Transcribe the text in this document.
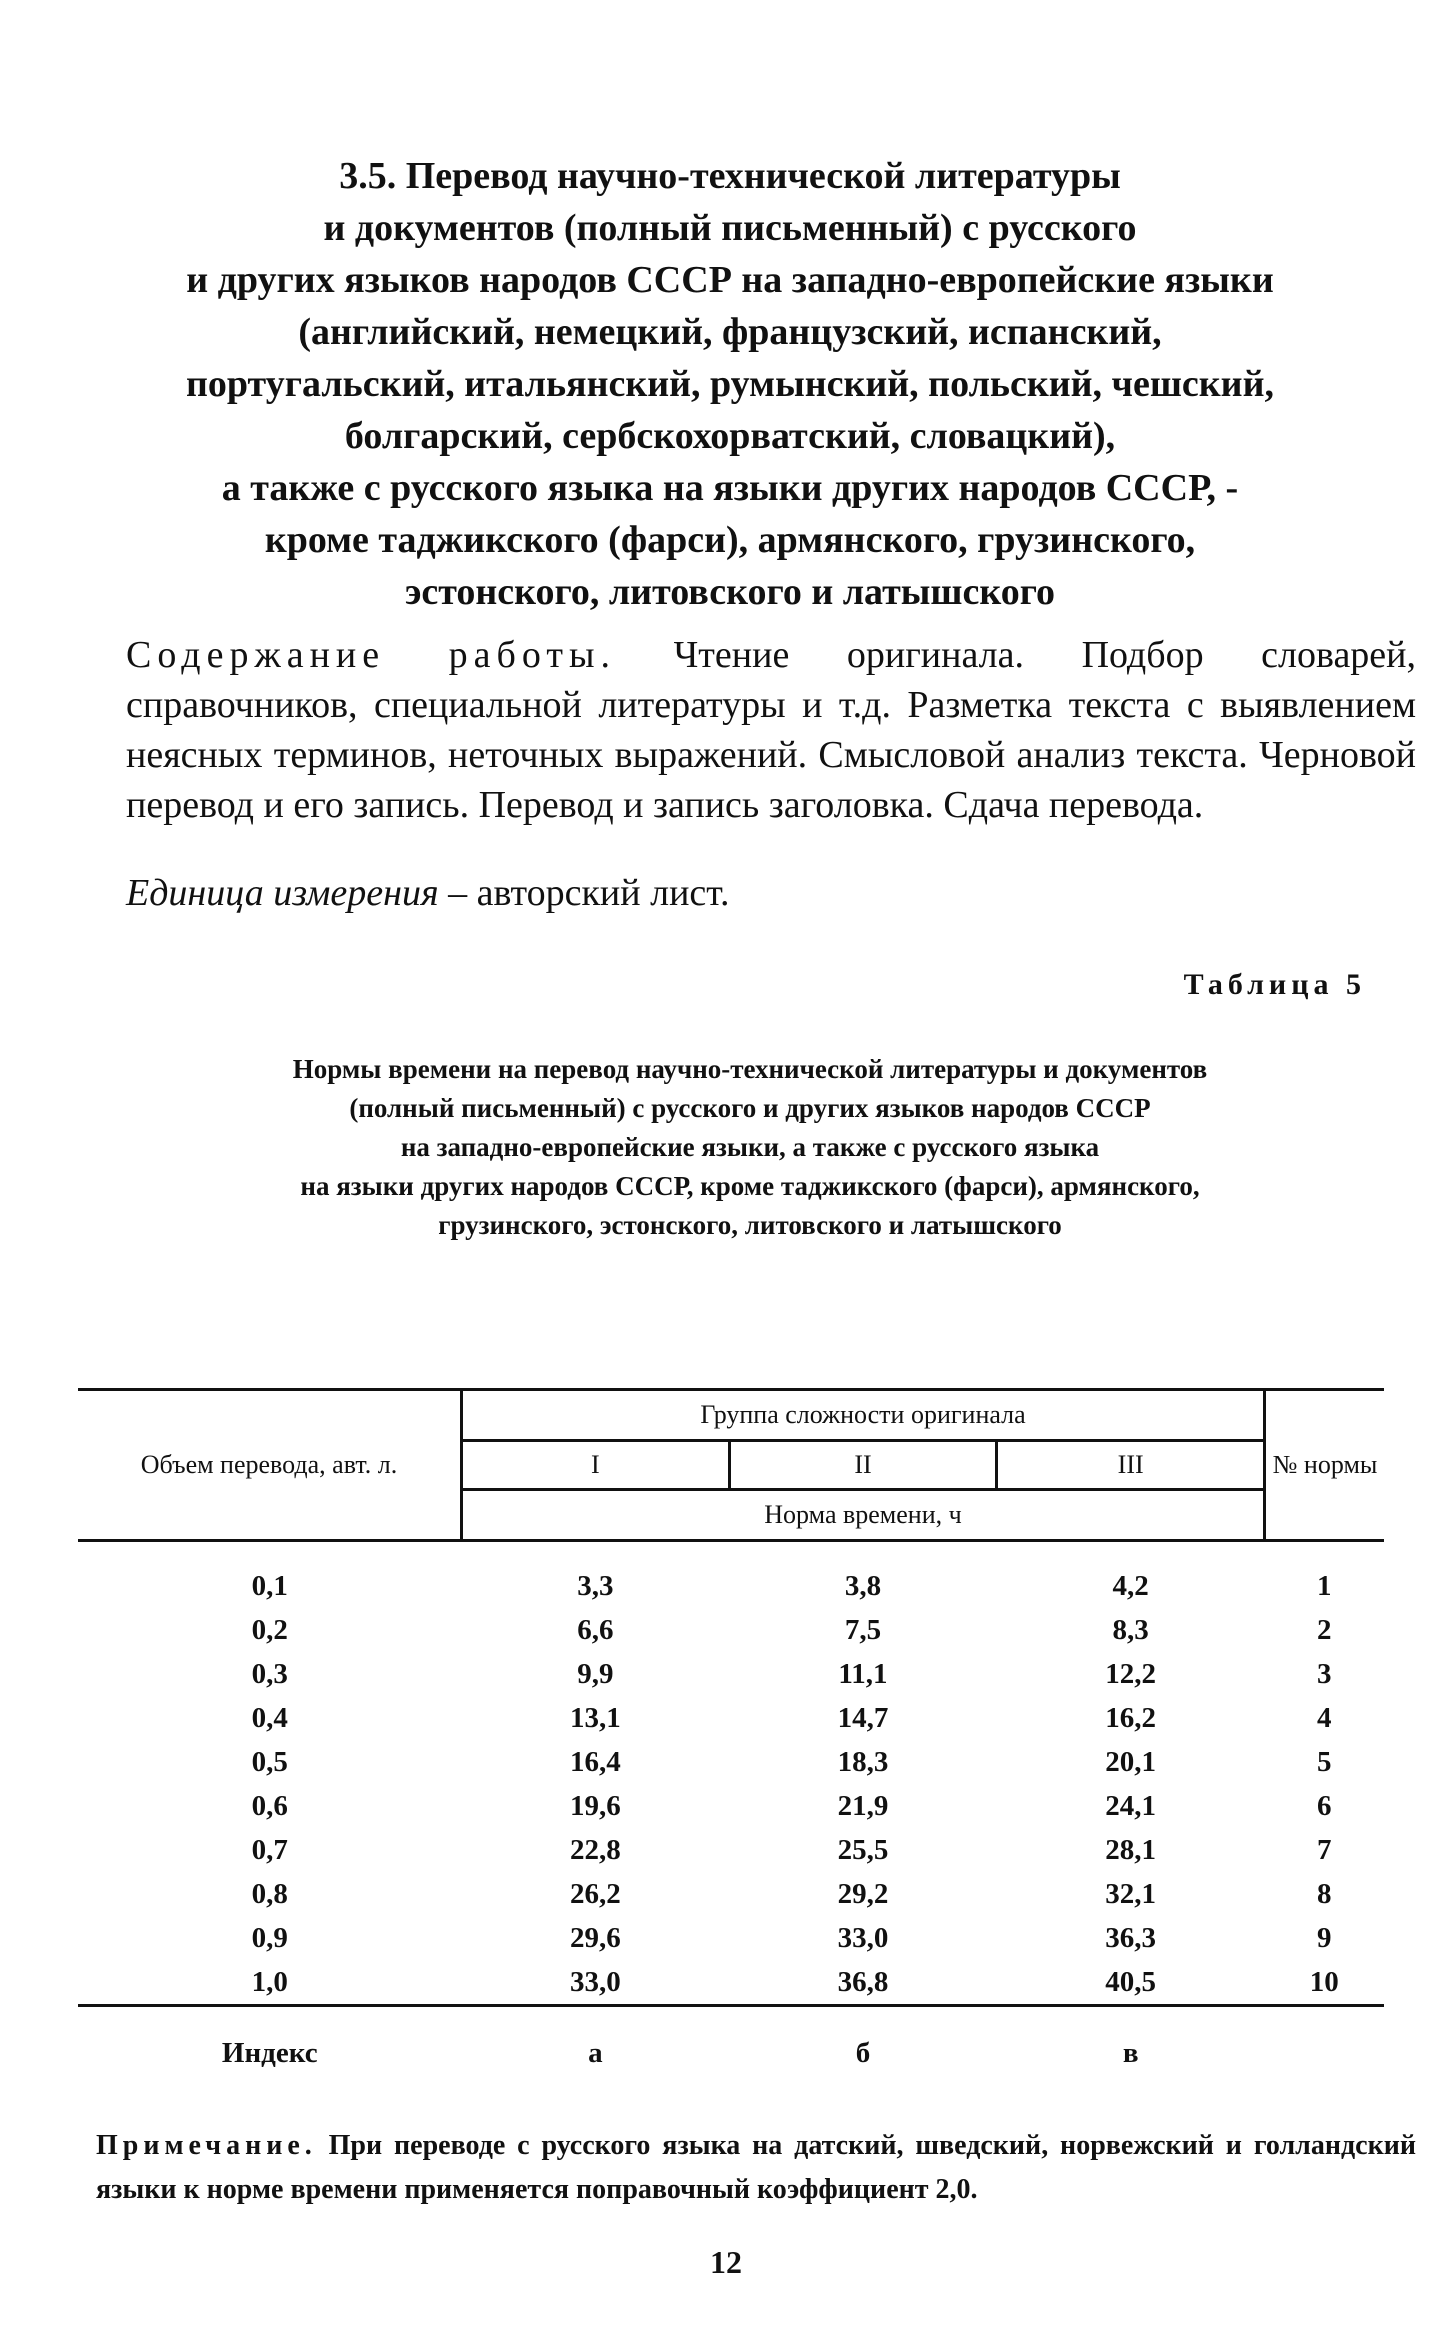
3.5. Перевод научно-технической литературы
и документов (полный письменный) с русского
и других языков народов СССР на западно-европейские языки
(английский, немецкий, французский, испанский,
португальский, итальянский, румынский, польский, чешский,
болгарский, сербскохорватский, словацкий),
а также с русского языка на языки других народов СССР, -
кроме таджикского (фарси), армянского, грузинского,
эстонского, литовского и латышского

Содержание работы. Чтение оригинала. Подбор словарей, справочников, специальной литературы и т.д. Разметка текста с выявлением неясных терминов, неточных выражений. Смысловой анализ текста. Черновой перевод и его запись. Перевод и запись заголовка. Сдача перевода.

Единица измерения – авторский лист.
Таблица 5
Нормы времени на перевод научно-технической литературы и документов
(полный письменный) с русского и других языков народов СССР
на западно-европейские языки, а также с русского языка
на языки других народов СССР, кроме таджикского (фарси), армянского,
грузинского, эстонского, литовского и латышского
Объем перевода, авт. л.	Группа сложности оригинала			№ нормы
	I	II	III	
	Норма времени, ч			
0,1	3,3	3,8	4,2	1
0,2	6,6	7,5	8,3	2
0,3	9,9	11,1	12,2	3
0,4	13,1	14,7	16,2	4
0,5	16,4	18,3	20,1	5
0,6	19,6	21,9	24,1	6
0,7	22,8	25,5	28,1	7
0,8	26,2	29,2	32,1	8
0,9	29,6	33,0	36,3	9
1,0	33,0	36,8	40,5	10
Индекс	а	б	в	
Примечание. При переводе с русского языка на датский, шведский, норвежский и голландский языки к норме времени применяется поправочный коэффициент 2,0.
12
